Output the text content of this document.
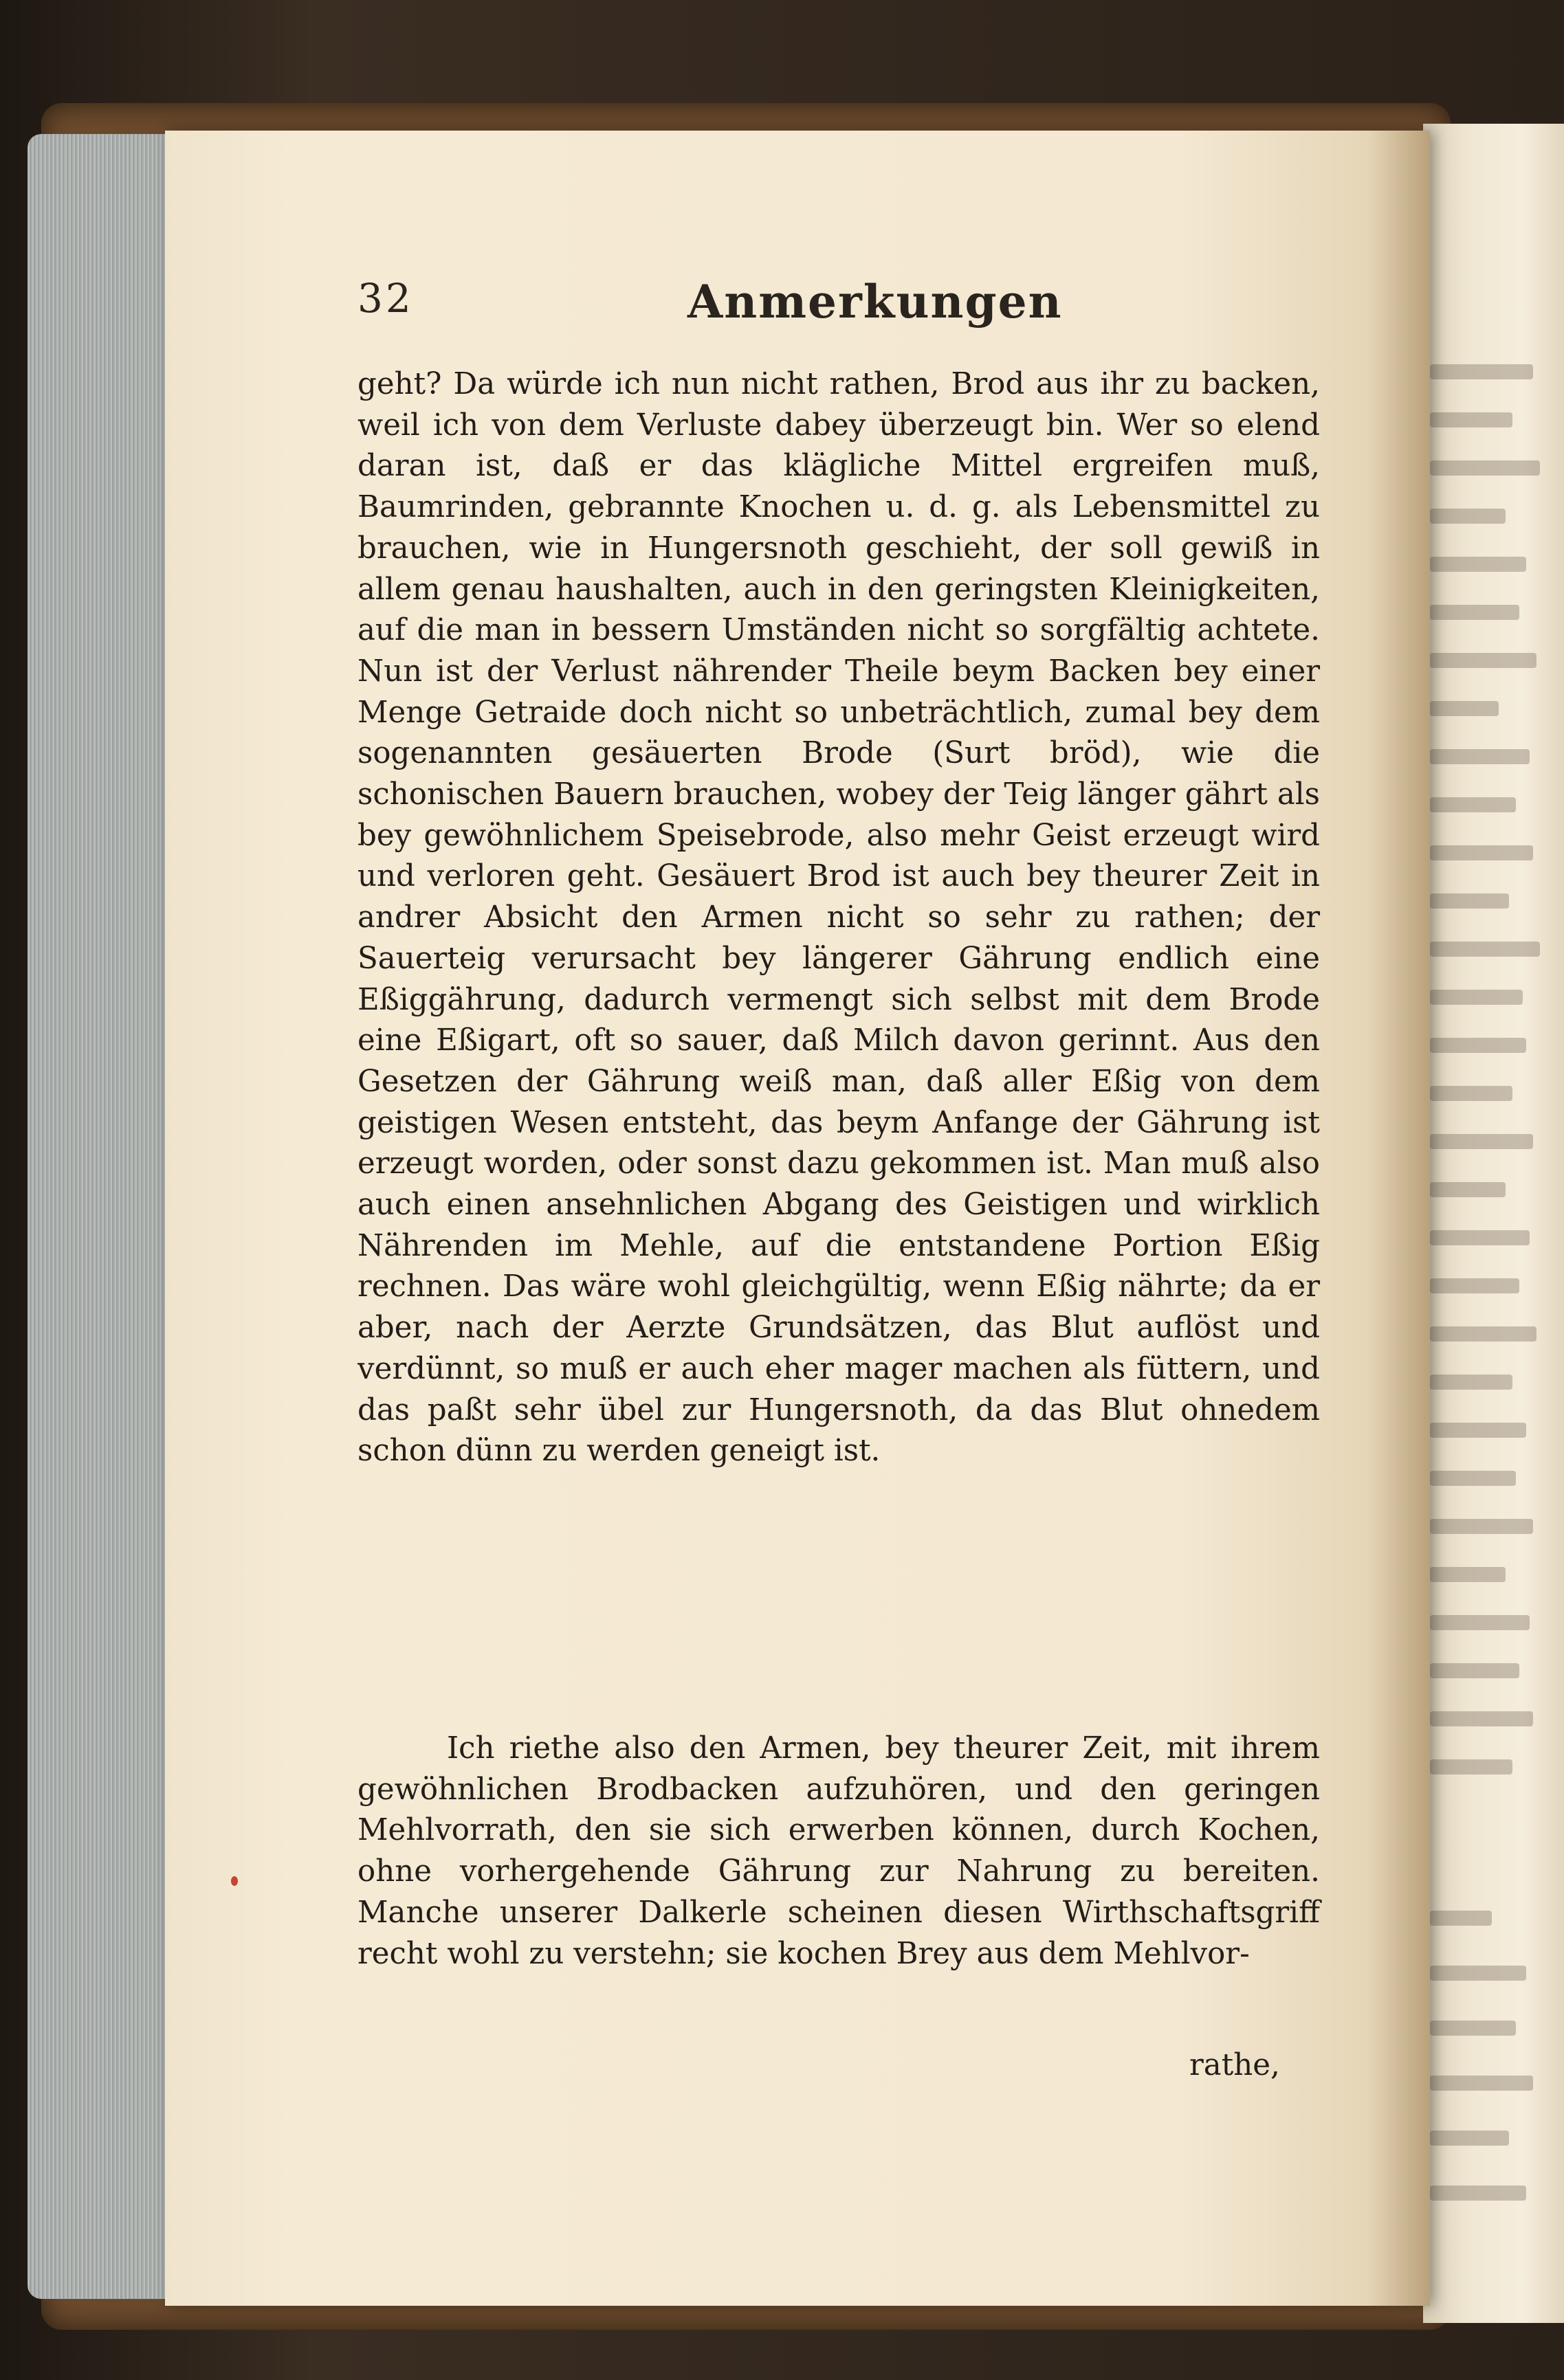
32	Anmerkungen

geht? Da würde ich nun nicht rathen, Brod aus ihr zu backen, weil ich von dem Verluste dabey überzeugt bin. Wer so elend daran ist, daß er das klägliche Mittel ergreifen muß, Baumrinden, gebrannte Knochen u. d. g. als Lebensmittel zu brauchen, wie in Hungersnoth geschieht, der soll gewiß in allem genau haushalten, auch in den geringsten Kleinigkeiten, auf die man in bessern Umständen nicht so sorgfältig achtete. Nun ist der Verlust nährender Theile beym Backen bey einer Menge Getraide doch nicht so unbeträchtlich, zumal bey dem sogenannten gesäuerten Brode (Surt bröd), wie die schonischen Bauern brauchen, wobey der Teig länger gährt als bey gewöhnlichem Speisebrode, also mehr Geist erzeugt wird und verloren geht. Gesäuert Brod ist auch bey theurer Zeit in andrer Absicht den Armen nicht so sehr zu rathen; der Sauerteig verursacht bey längerer Gährung endlich eine Eßiggährung, dadurch vermengt sich selbst mit dem Brode eine Eßigart, oft so sauer, daß Milch davon gerinnt. Aus den Gesetzen der Gährung weiß man, daß aller Eßig von dem geistigen Wesen entsteht, das beym Anfange der Gährung ist erzeugt worden, oder sonst dazu gekommen ist. Man muß also auch einen ansehnlichen Abgang des Geistigen und wirklich Nährenden im Mehle, auf die entstandene Portion Eßig rechnen. Das wäre wohl gleichgültig, wenn Eßig nährte; da er aber, nach der Aerzte Grundsätzen, das Blut auflöst und verdünnt, so muß er auch eher mager machen als füttern, und das paßt sehr übel zur Hungersnoth, da das Blut ohnedem schon dünn zu werden geneigt ist.

Ich riethe also den Armen, bey theurer Zeit, mit ihrem gewöhnlichen Brodbacken aufzuhören, und den geringen Mehlvorrath, den sie sich erwerben können, durch Kochen, ohne vorhergehende Gährung zur Nahrung zu bereiten. Manche unserer Dalkerle scheinen diesen Wirthschaftsgriff recht wohl zu verstehn; sie kochen Brey aus dem Mehlvor-
rathe,
